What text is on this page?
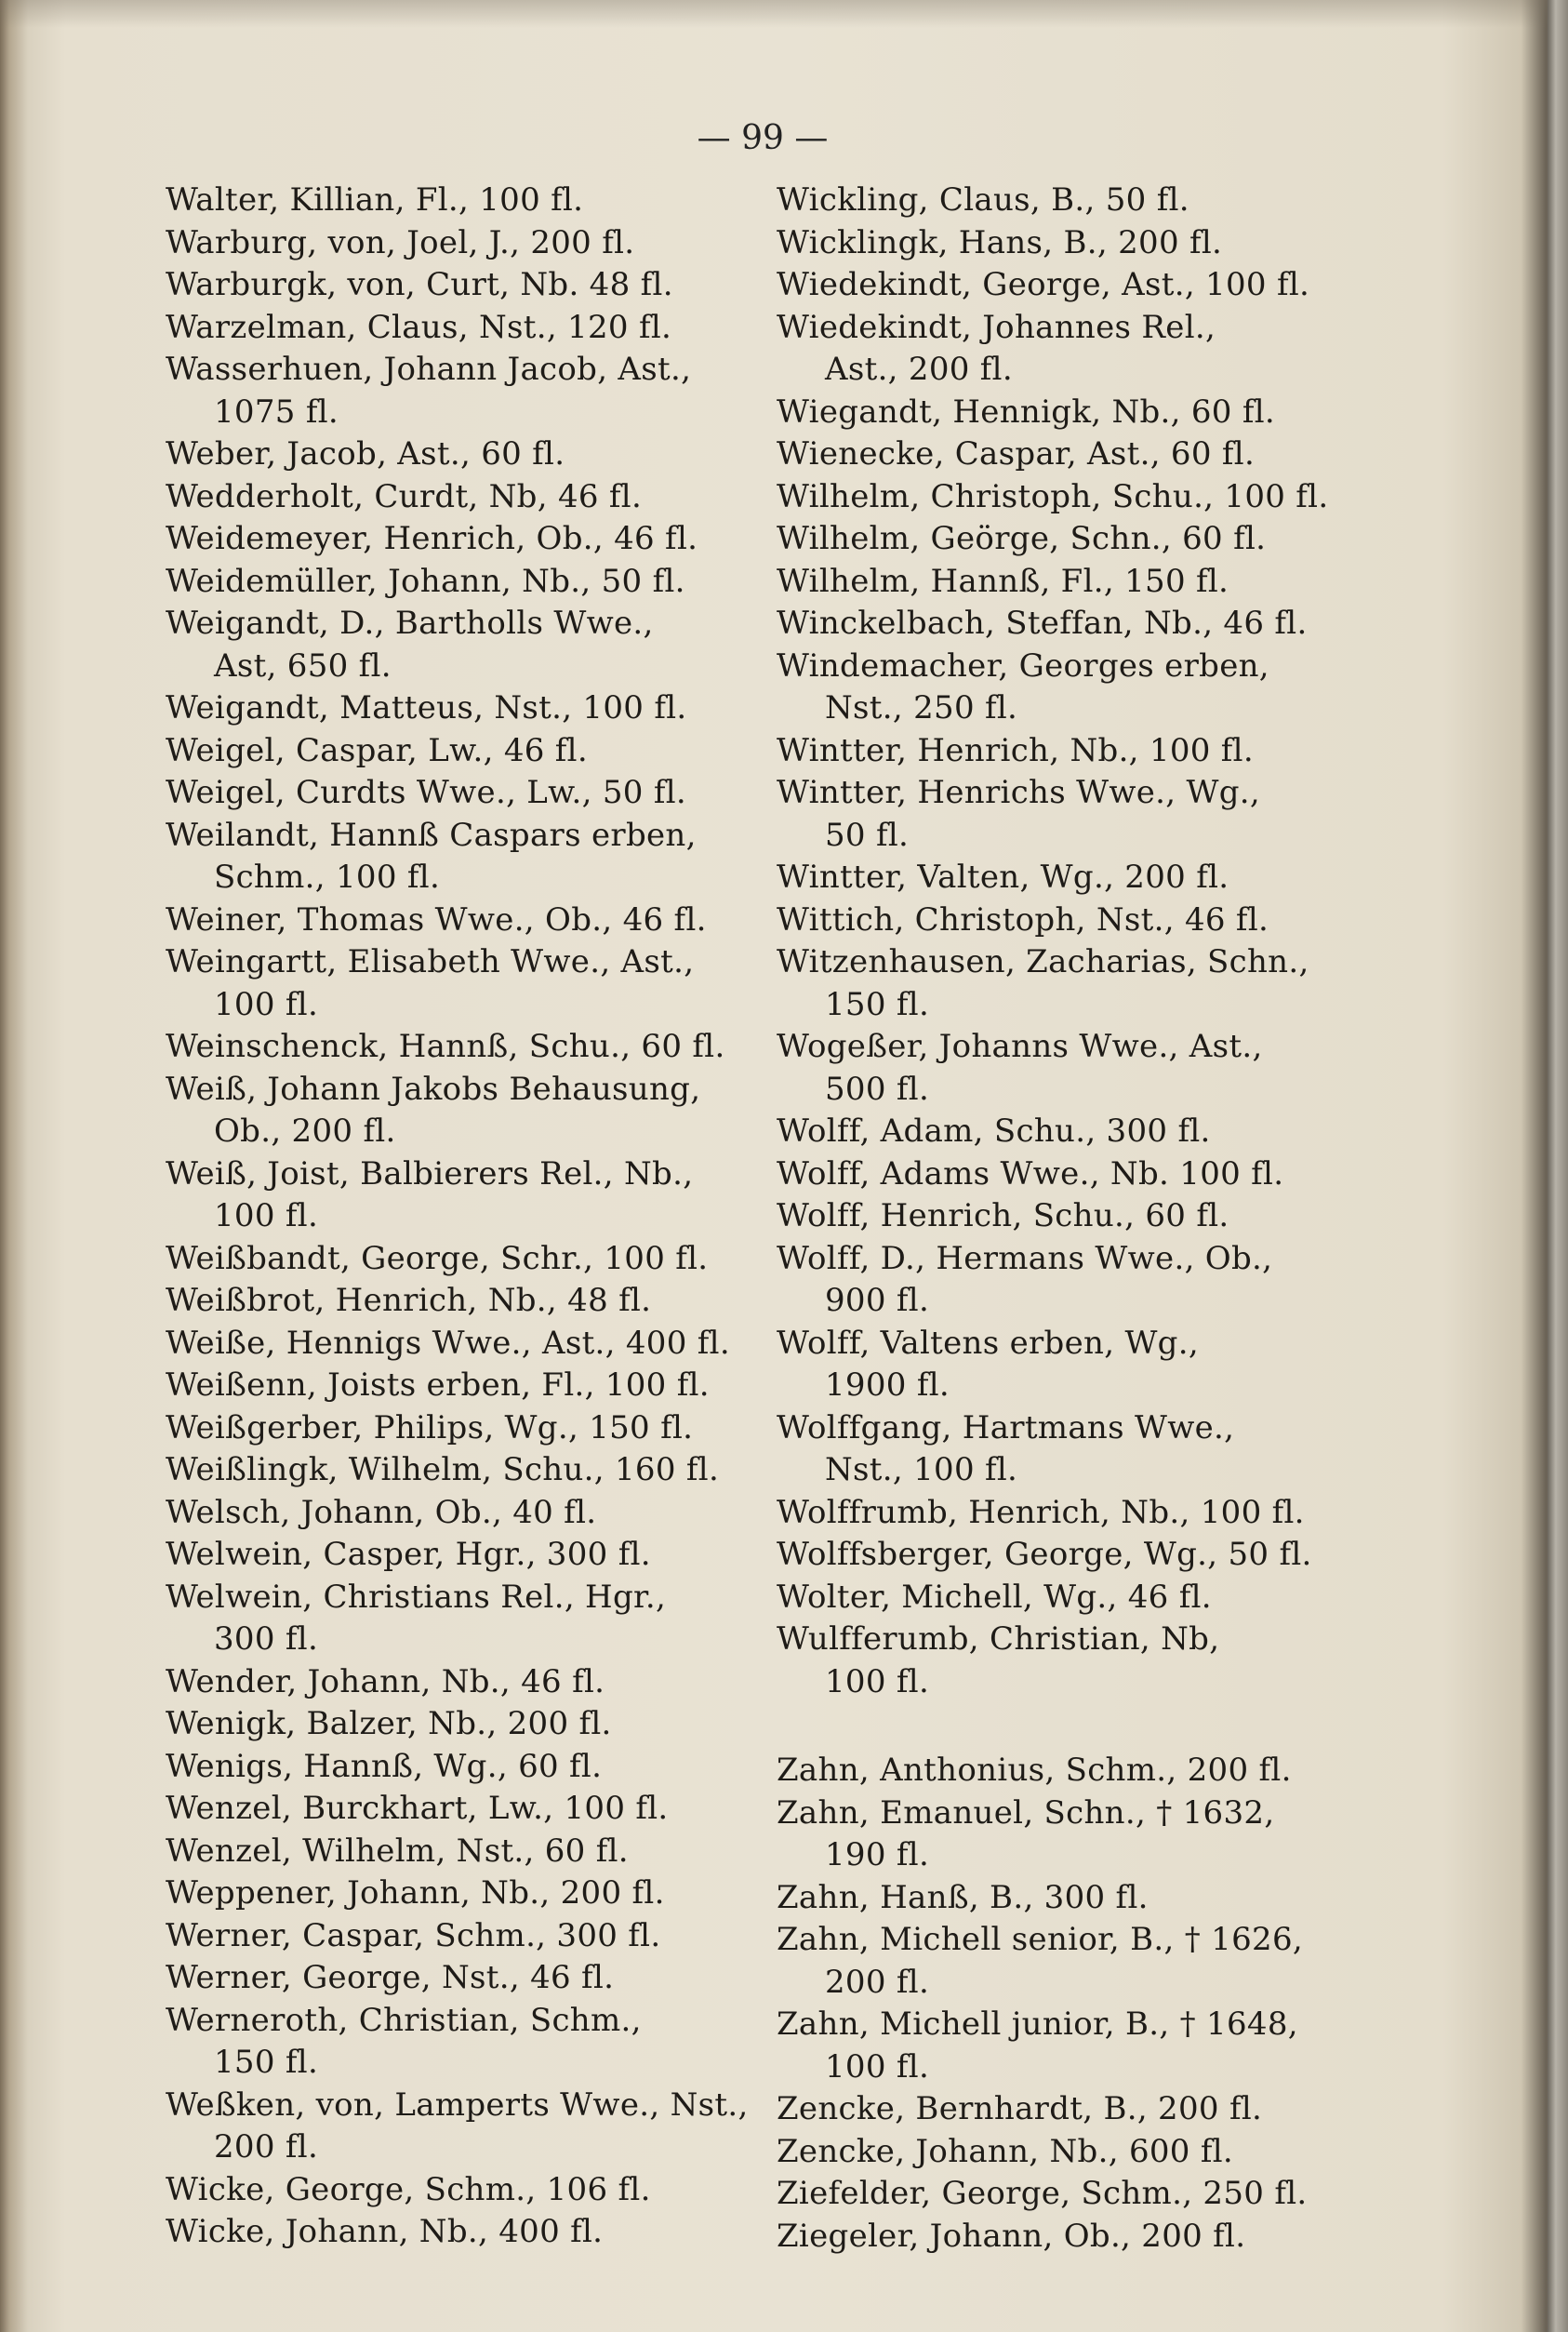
— 99 —
Walter, Killian, Fl., 100 fl.
Warburg, von, Joel, J., 200 fl.
Warburgk, von, Curt, Nb. 48 fl.
Warzelman, Claus, Nst., 120 fl.
Wasserhuen, Johann Jacob, Ast.,
1075 fl.
Weber, Jacob, Ast., 60 fl.
Wedderholt, Curdt, Nb, 46 fl.
Weidemeyer, Henrich, Ob., 46 fl.
Weidemüller, Johann, Nb., 50 fl.
Weigandt, D., Bartholls Wwe.,
Ast, 650 fl.
Weigandt, Matteus, Nst., 100 fl.
Weigel, Caspar, Lw., 46 fl.
Weigel, Curdts Wwe., Lw., 50 fl.
Weilandt, Hannß Caspars erben,
Schm., 100 fl.
Weiner, Thomas Wwe., Ob., 46 fl.
Weingartt, Elisabeth Wwe., Ast.,
100 fl.
Weinschenck, Hannß, Schu., 60 fl.
Weiß, Johann Jakobs Behausung,
Ob., 200 fl.
Weiß, Joist, Balbierers Rel., Nb.,
100 fl.
Weißbandt, George, Schr., 100 fl.
Weißbrot, Henrich, Nb., 48 fl.
Weiße, Hennigs Wwe., Ast., 400 fl.
Weißenn, Joists erben, Fl., 100 fl.
Weißgerber, Philips, Wg., 150 fl.
Weißlingk, Wilhelm, Schu., 160 fl.
Welsch, Johann, Ob., 40 fl.
Welwein, Casper, Hgr., 300 fl.
Welwein, Christians Rel., Hgr.,
300 fl.
Wender, Johann, Nb., 46 fl.
Wenigk, Balzer, Nb., 200 fl.
Wenigs, Hannß, Wg., 60 fl.
Wenzel, Burckhart, Lw., 100 fl.
Wenzel, Wilhelm, Nst., 60 fl.
Weppener, Johann, Nb., 200 fl.
Werner, Caspar, Schm., 300 fl.
Werner, George, Nst., 46 fl.
Werneroth, Christian, Schm.,
150 fl.
Weßken, von, Lamperts Wwe., Nst.,
200 fl.
Wicke, George, Schm., 106 fl.
Wicke, Johann, Nb., 400 fl.
Wickling, Claus, B., 50 fl.
Wicklingk, Hans, B., 200 fl.
Wiedekindt, George, Ast., 100 fl.
Wiedekindt, Johannes Rel.,
Ast., 200 fl.
Wiegandt, Hennigk, Nb., 60 fl.
Wienecke, Caspar, Ast., 60 fl.
Wilhelm, Christoph, Schu., 100 fl.
Wilhelm, Geörge, Schn., 60 fl.
Wilhelm, Hannß, Fl., 150 fl.
Winckelbach, Steffan, Nb., 46 fl.
Windemacher, Georges erben,
Nst., 250 fl.
Wintter, Henrich, Nb., 100 fl.
Wintter, Henrichs Wwe., Wg.,
50 fl.
Wintter, Valten, Wg., 200 fl.
Wittich, Christoph, Nst., 46 fl.
Witzenhausen, Zacharias, Schn.,
150 fl.
Wogeßer, Johanns Wwe., Ast.,
500 fl.
Wolff, Adam, Schu., 300 fl.
Wolff, Adams Wwe., Nb. 100 fl.
Wolff, Henrich, Schu., 60 fl.
Wolff, D., Hermans Wwe., Ob.,
900 fl.
Wolff, Valtens erben, Wg.,
1900 fl.
Wolffgang, Hartmans Wwe.,
Nst., 100 fl.
Wolffrumb, Henrich, Nb., 100 fl.
Wolffsberger, George, Wg., 50 fl.
Wolter, Michell, Wg., 46 fl.
Wulfferumb, Christian, Nb,
100 fl.
Zahn, Anthonius, Schm., 200 fl.
Zahn, Emanuel, Schn., † 1632,
190 fl.
Zahn, Hanß, B., 300 fl.
Zahn, Michell senior, B., † 1626,
200 fl.
Zahn, Michell junior, B., † 1648,
100 fl.
Zencke, Bernhardt, B., 200 fl.
Zencke, Johann, Nb., 600 fl.
Ziefelder, George, Schm., 250 fl.
Ziegeler, Johann, Ob., 200 fl.
